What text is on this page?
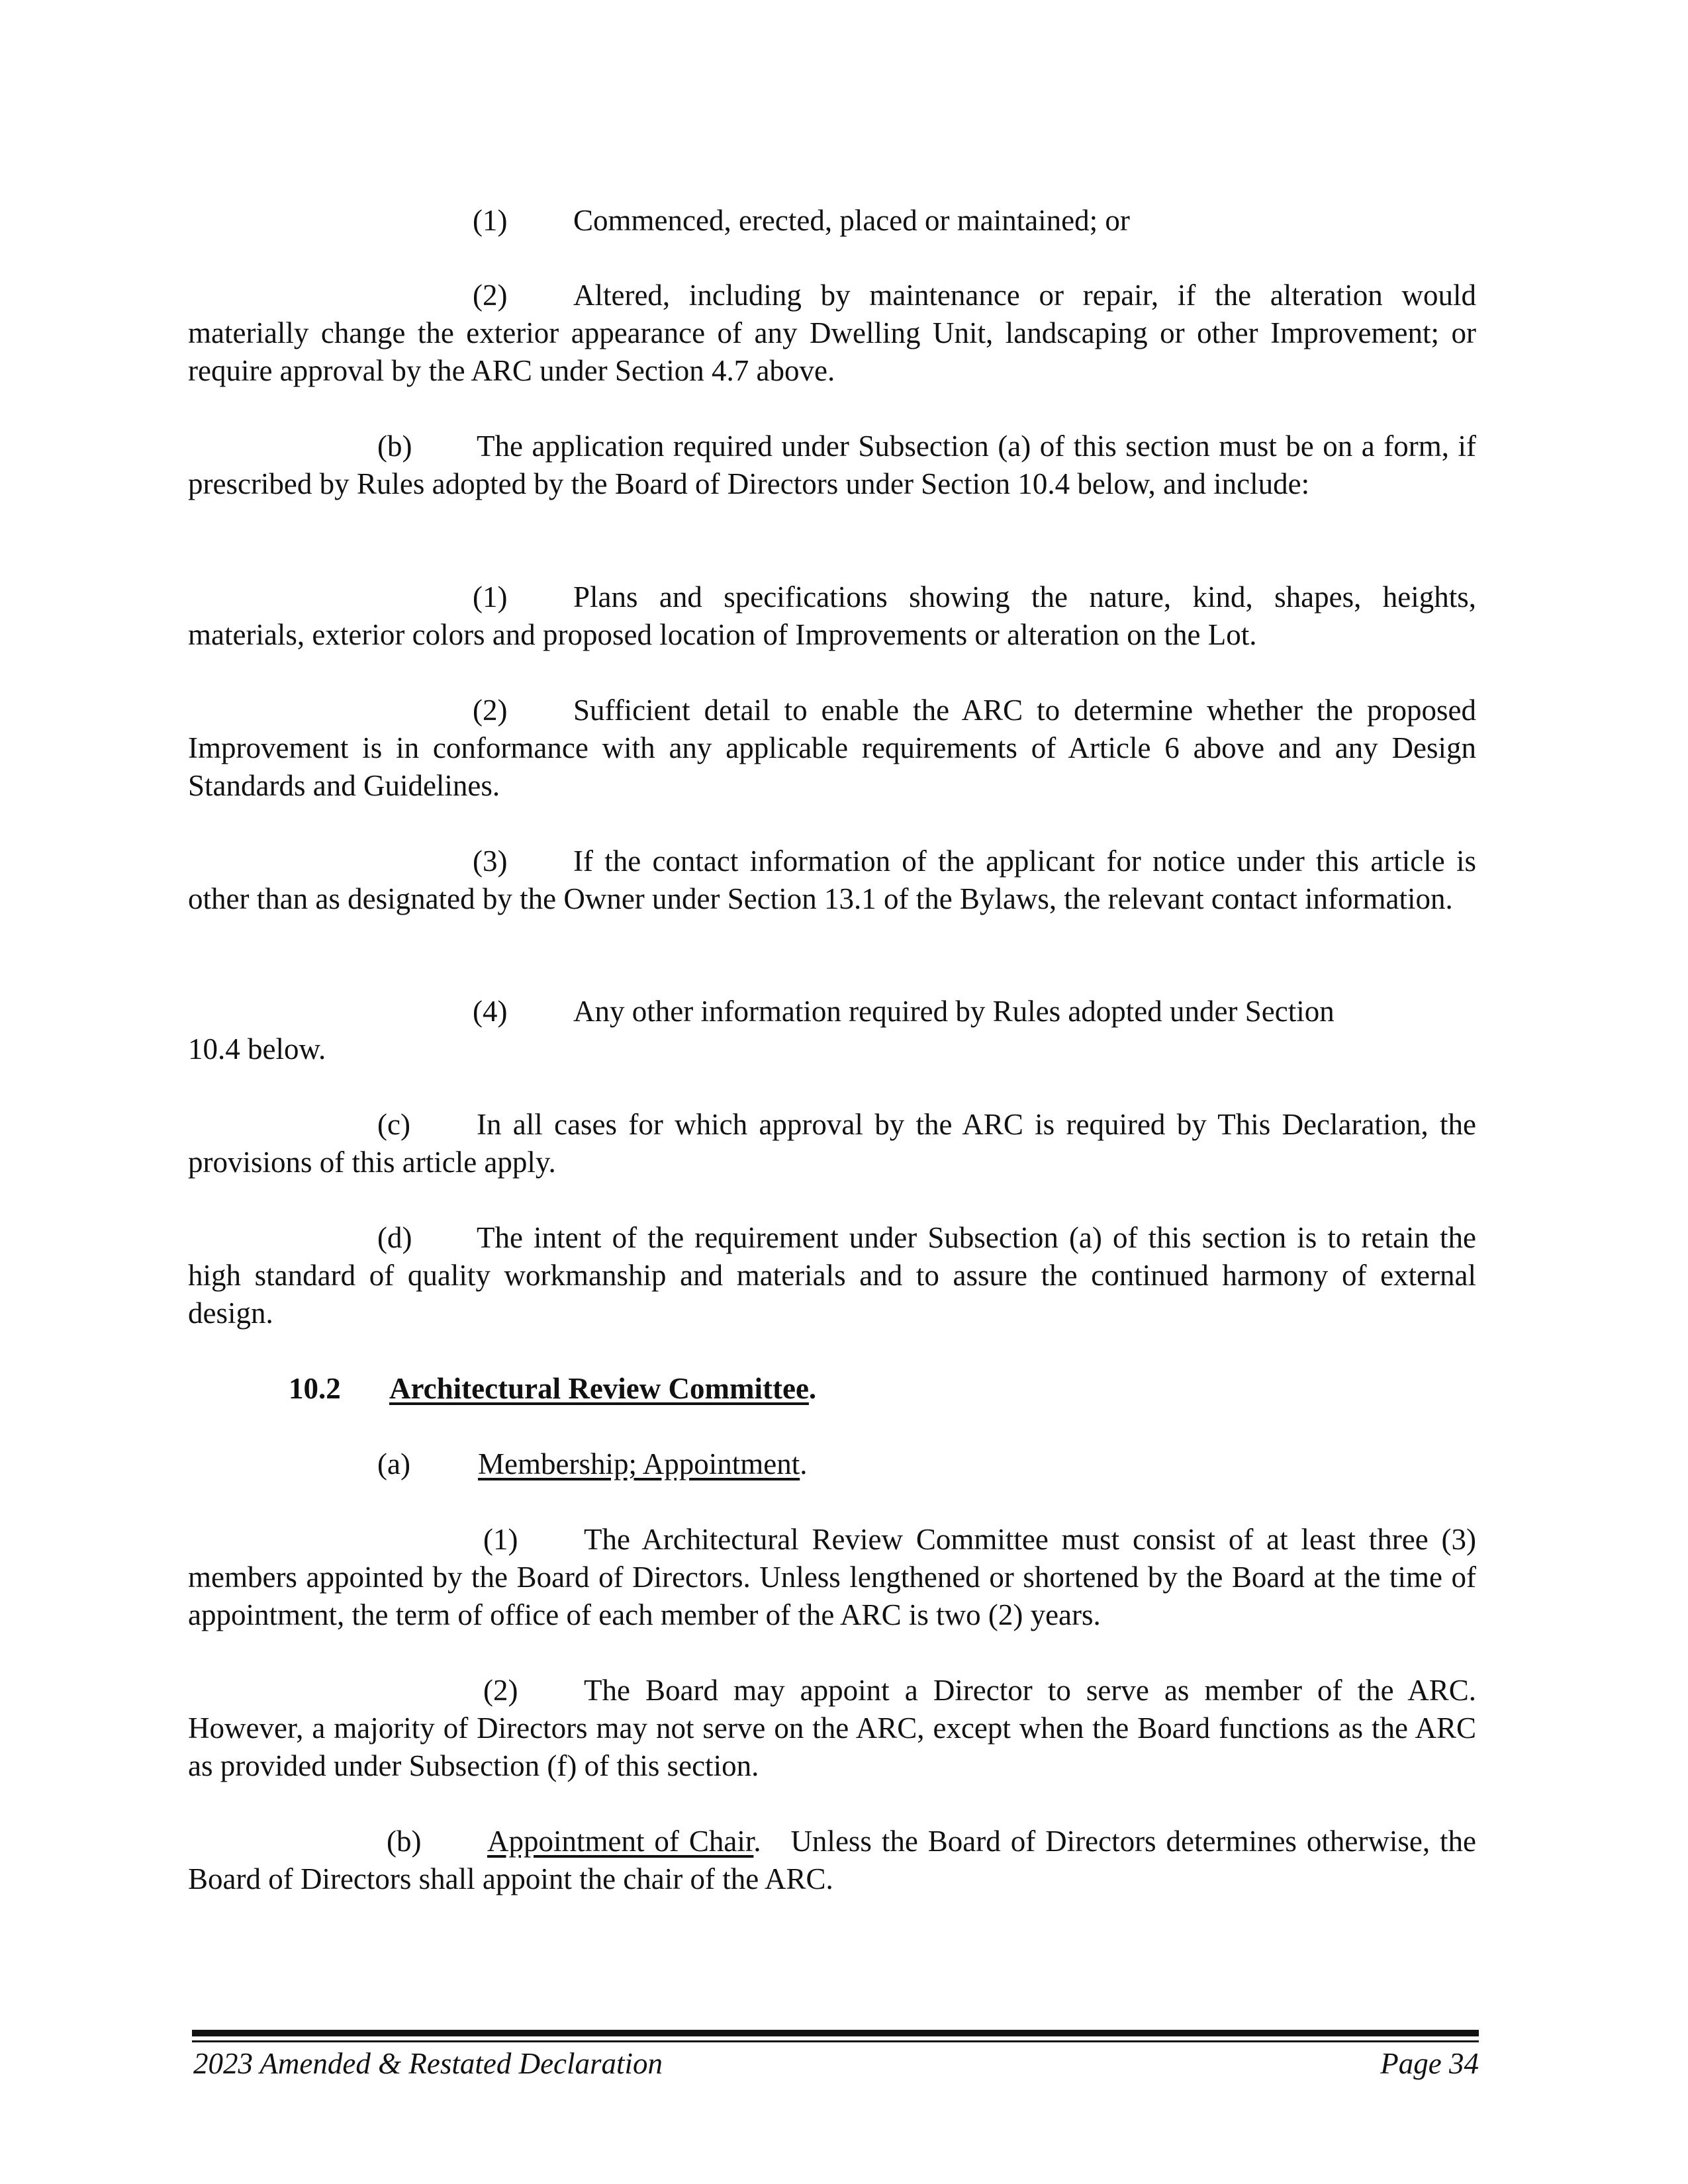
(1) Commenced, erected, placed or maintained; or

(2) Altered, including by maintenance or repair, if the alteration would materially change the exterior appearance of any Dwelling Unit, landscaping or other Improvement; or require approval by the ARC under Section 4.7 above.

(b) The application required under Subsection (a) of this section must be on a form, if prescribed by Rules adopted by the Board of Directors under Section 10.4 below, and include:

(1) Plans and specifications showing the nature, kind, shapes, heights, materials, exterior colors and proposed location of Improvements or alteration on the Lot.

(2) Sufficient detail to enable the ARC to determine whether the proposed Improvement is in conformance with any applicable requirements of Article 6 above and any Design Standards and Guidelines.

(3) If the contact information of the applicant for notice under this article is other than as designated by the Owner under Section 13.1 of the Bylaws, the relevant contact information.

(4) Any other information required by Rules adopted under Section

10.4 below.

(c) In all cases for which approval by the ARC is required by This Declaration, the provisions of this article apply.

(d) The intent of the requirement under Subsection (a) of this section is to retain the high standard of quality workmanship and materials and to assure the continued harmony of external design.

10.2 Architectural Review Committee.

(a) Membership; Appointment.

(1) The Architectural Review Committee must consist of at least three (3) members appointed by the Board of Directors. Unless lengthened or shortened by the Board at the time of appointment, the term of office of each member of the ARC is two (2) years.

(2) The Board may appoint a Director to serve as member of the ARC. However, a majority of Directors may not serve on the ARC, except when the Board functions as the ARC as provided under Subsection (f) of this section.

(b) Appointment of Chair. Unless the Board of Directors determines otherwise, the Board of Directors shall appoint the chair of the ARC.

2023 Amended & Restated Declaration	Page 34
